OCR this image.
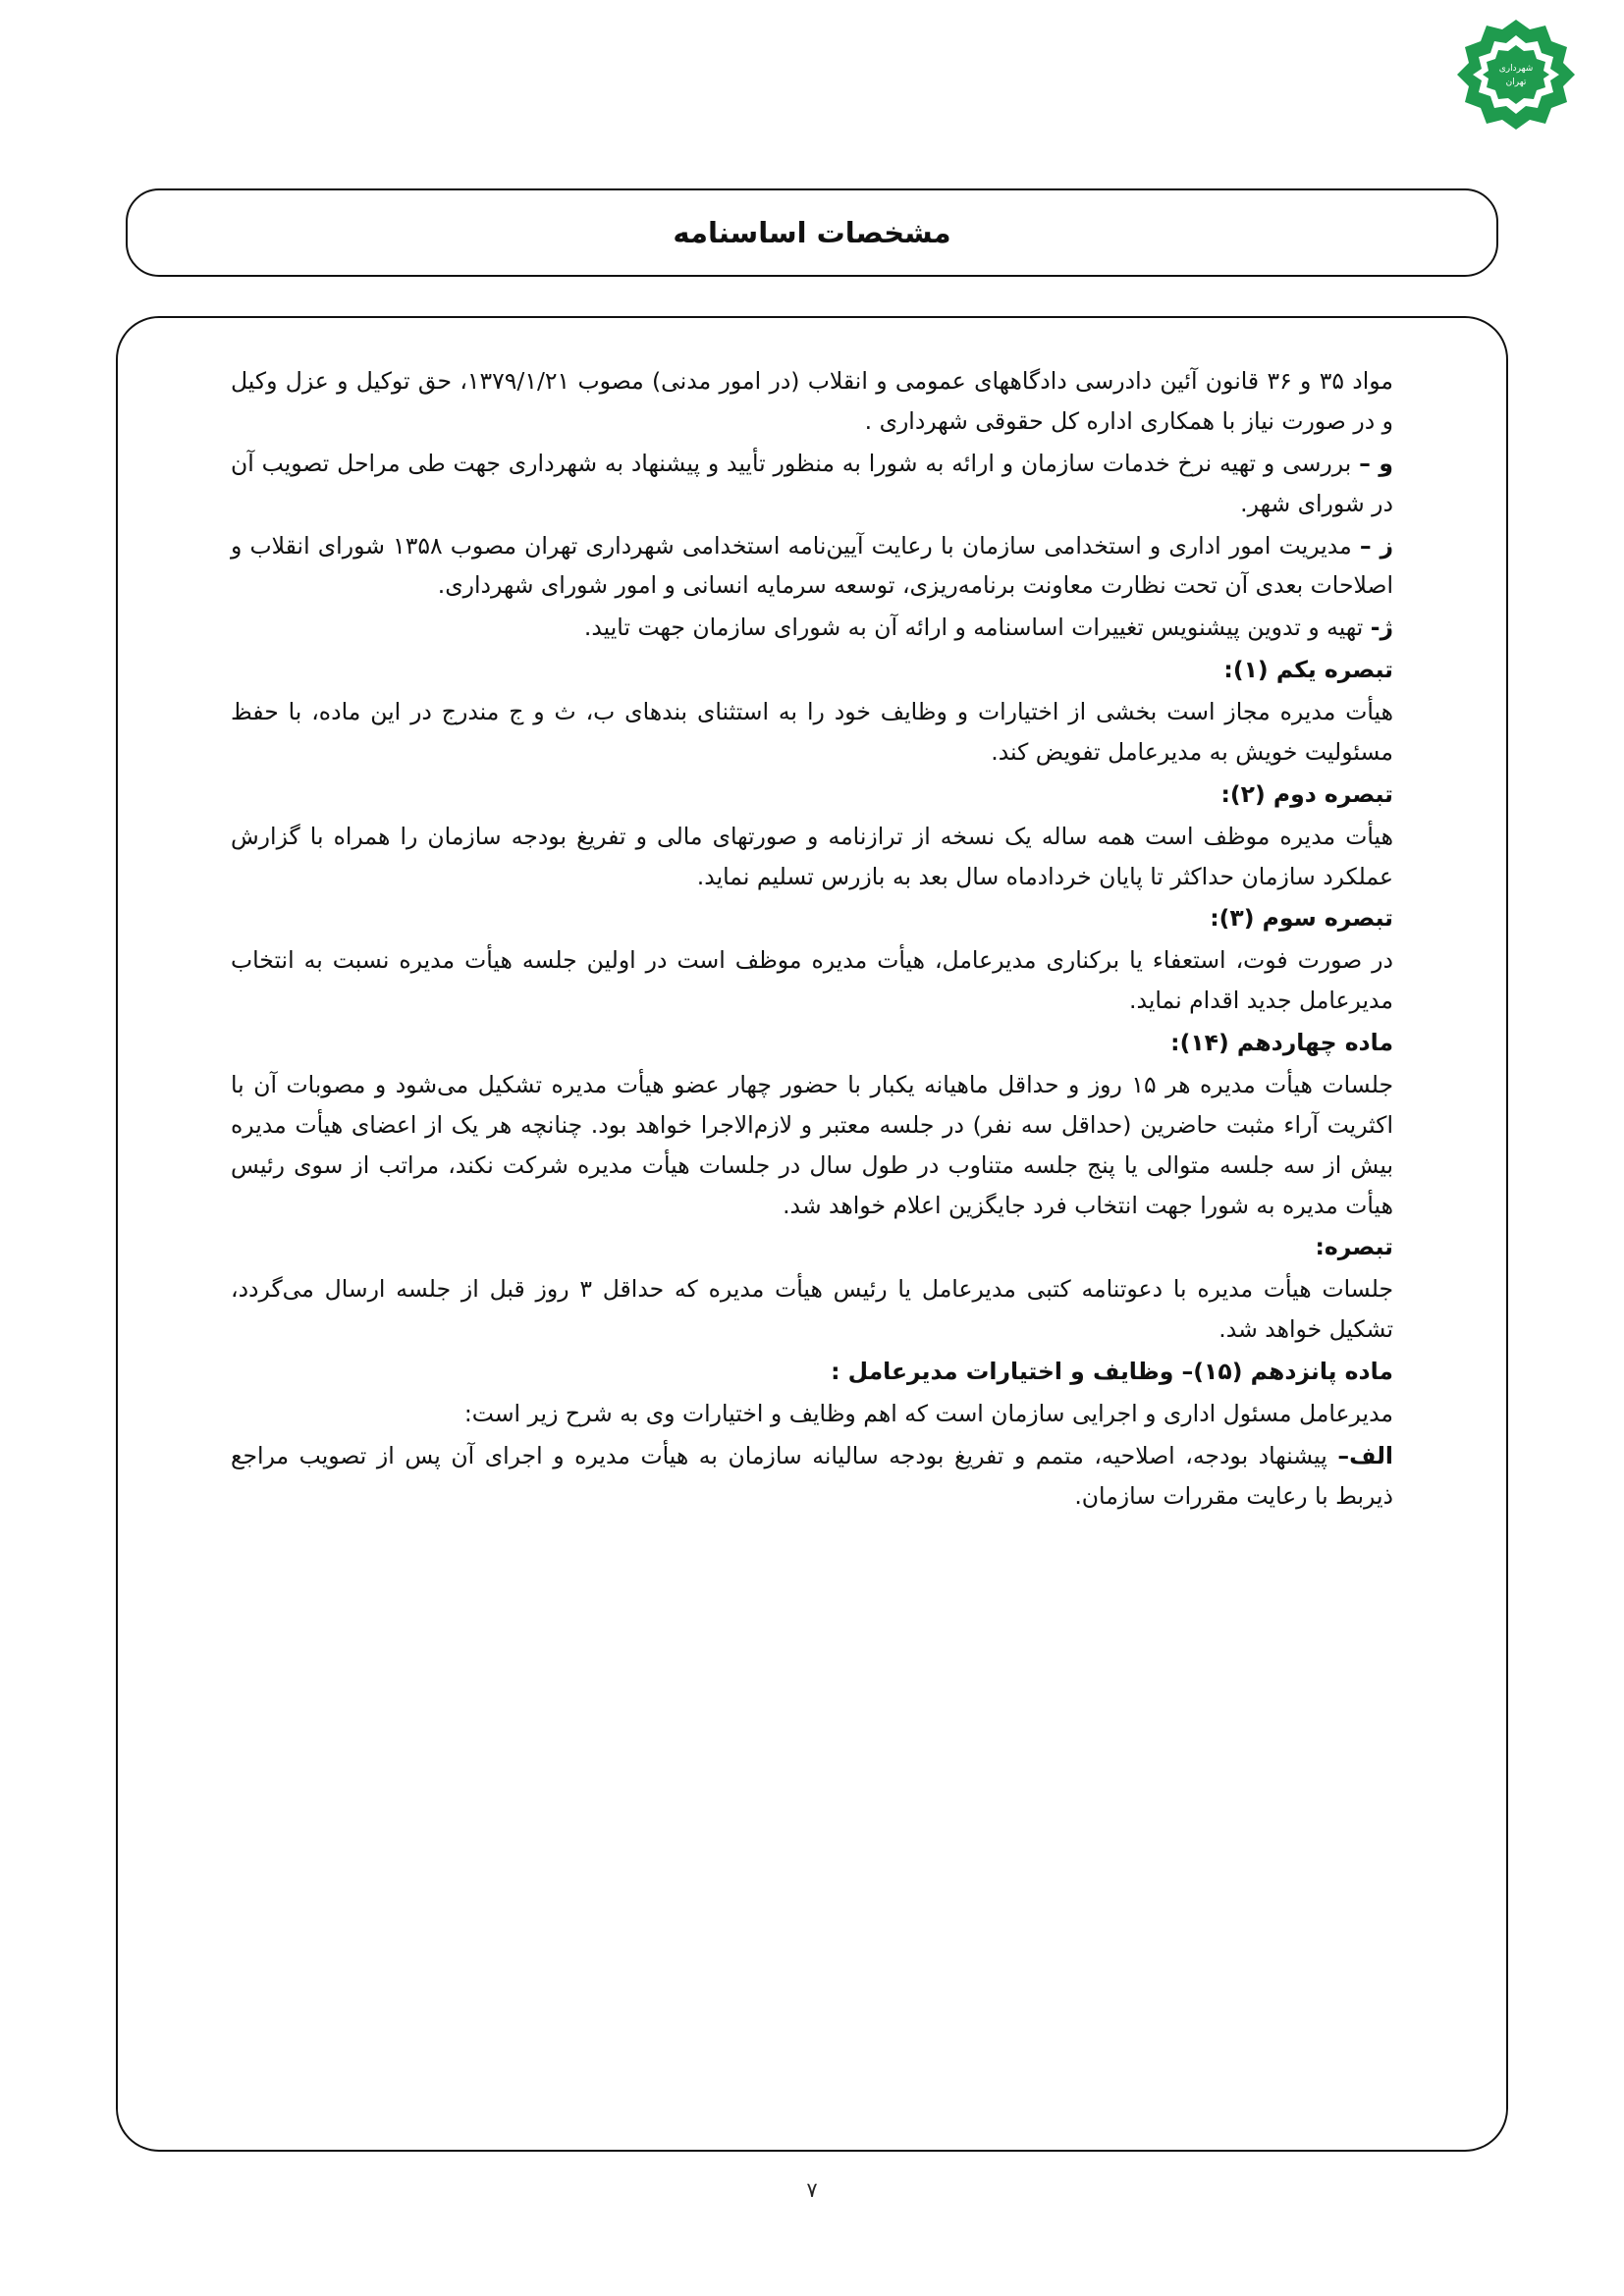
شهرداری
تهران
مشخصات اساسنامه

مواد ۳۵ و ۳۶ قانون آئین دادرسی دادگاههای عمومی و انقلاب (در امور مدنی) مصوب ۱۳۷۹/۱/۲۱، حق توکیل و عزل وکیل و در صورت نیاز با همکاری اداره کل حقوقی شهرداری .

و – بررسی و تهیه نرخ خدمات سازمان و ارائه به شورا به منظور تأیید و پیشنهاد به شهرداری جهت طی مراحل تصویب آن در شورای شهر.

ز – مدیریت امور اداری و استخدامی سازمان با رعایت آیین‌نامه استخدامی شهرداری تهران مصوب ۱۳۵۸ شورای انقلاب و اصلاحات بعدی آن تحت نظارت معاونت برنامه‌ریزی، توسعه سرمایه انسانی و امور شورای شهرداری.

ژ- تهیه و تدوین پیشنویس تغییرات اساسنامه و ارائه آن به شورای سازمان جهت تایید.

تبصره یکم (۱):

هیأت مدیره مجاز است بخشی از اختیارات و وظایف خود را به استثنای بندهای ب، ث و ج مندرج در این ماده، با حفظ مسئولیت خویش به مدیرعامل تفویض کند.

تبصره دوم (۲):

هیأت مدیره موظف است همه ساله یک نسخه از ترازنامه و صورتهای مالی و تفریغ بودجه سازمان را همراه با گزارش عملکرد سازمان حداکثر تا پایان خردادماه سال بعد به بازرس تسلیم نماید.

تبصره سوم (۳):

در صورت فوت، استعفاء یا برکناری مدیرعامل، هیأت مدیره موظف است در اولین جلسه هیأت مدیره نسبت به انتخاب مدیرعامل جدید اقدام نماید.

ماده چهاردهم (۱۴):

جلسات هیأت مدیره هر ۱۵ روز و حداقل ماهیانه یکبار با حضور چهار عضو هیأت مدیره تشکیل می‌شود و مصوبات آن با اکثریت آراء مثبت حاضرین (حداقل سه نفر) در جلسه معتبر و لازم‌الاجرا خواهد بود. چنانچه هر یک از اعضای هیأت مدیره بیش از سه جلسه متوالی یا پنج جلسه متناوب در طول سال در جلسات هیأت مدیره شرکت نکند، مراتب از سوی رئیس هیأت مدیره به شورا جهت انتخاب فرد جایگزین اعلام خواهد شد.

تبصره:

جلسات هیأت مدیره با دعوتنامه کتبی مدیرعامل یا رئیس هیأت مدیره که حداقل ۳ روز قبل از جلسه ارسال می‌گردد، تشکیل خواهد شد.

ماده پانزدهم (۱۵)– وظایف و اختیارات مدیرعامل :

مدیرعامل مسئول اداری و اجرایی سازمان است که اهم وظایف و اختیارات وی به شرح زیر است:

الف– پیشنهاد بودجه، اصلاحیه، متمم و تفریغ بودجه سالیانه سازمان به هیأت مدیره و اجرای آن پس از تصویب مراجع ذیربط با رعایت مقررات سازمان.

۷
